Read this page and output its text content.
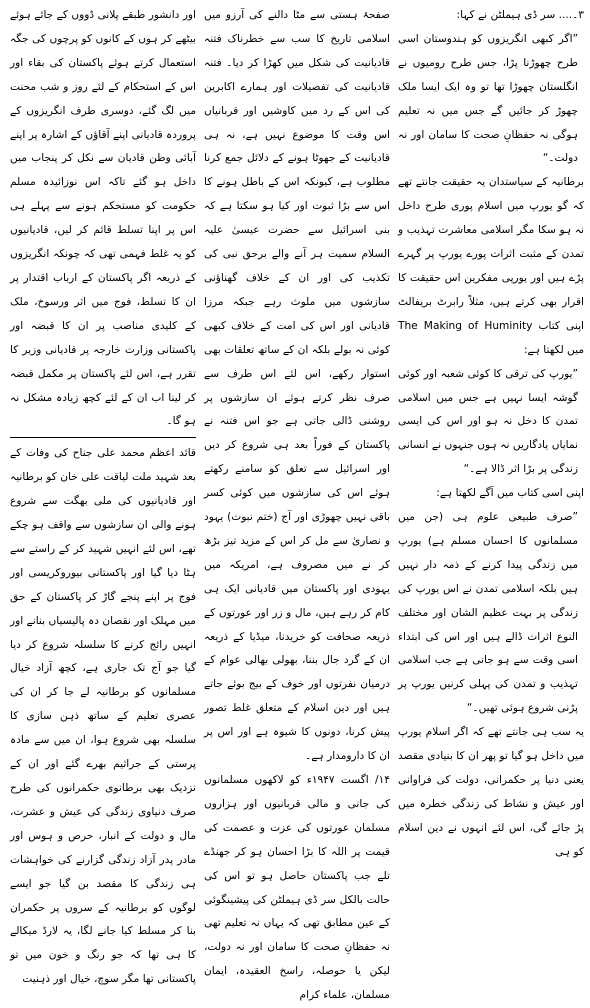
۳۔.... سر ڈی ہیملٹن نے کہا:

”اگر کبھی انگریزوں کو ہندوستان اسی طرح چھوڑنا پڑا، جس طرح رومیوں نے انگلستان چھوڑا تھا تو وہ ایک ایسا ملک چھوڑ کر جائیں گے جس میں نہ تعلیم ہوگی نہ حفظانِ صحت کا سامان اور نہ دولت۔“

برطانیہ کے سیاستدان یہ حقیقت جانتے تھے کہ گو یورپ میں اسلام پوری طرح داخل نہ ہو سکا مگر اسلامی معاشرت تہذیب و تمدن کے مثبت اثرات پورے یورپ پر گہرے پڑے ہیں اور یورپی مفکرین اس حقیقت کا اقرار بھی کرتے ہیں، مثلاً رابرٹ بریفالٹ اپنی کتاب The Making of Huminity میں لکھتا ہے:

”یورپ کی ترقی کا کوئی شعبہ اور کوئی گوشہ ایسا نہیں ہے جس میں اسلامی تمدن کا دخل نہ ہو اور اس کی ایسی نمایاں یادگاریں نہ ہوں جنہوں نے انسانی زندگی پر بڑا اثر ڈالا ہے۔“

اپنی اسی کتاب میں آگے لکھتا ہے:

”صرف طبیعی علوم ہی (جن میں مسلمانوں کا احسان مسلم ہے) یورپ میں زندگی پیدا کرنے کے ذمہ دار نہیں ہیں بلکہ اسلامی تمدن نے اس یورپ کی زندگی پر بہت عظیم الشان اور مختلف النوع اثرات ڈالے ہیں اور اس کی ابتداء اسی وقت سے ہو جاتی ہے جب اسلامی تہذیب و تمدن کی پہلی کرنیں یورپ پر پڑنی شروع ہوئی تھیں۔“

یہ سب ہی جانتے تھے کہ اگر اسلام یورپ میں داخل ہو گیا تو پھر ان کا بنیادی مقصد یعنی دنیا پر حکمرانی، دولت کی فراوانی اور عیش و نشاط کی زندگی خطرہ میں پڑ جائے گی، اس لئے انہوں نے دین اسلام کو ہی

صفحۂ ہستی سے مٹا دالنے کی آرزو میں اسلامی تاریخ کا سب سے خطرناک فتنہ قادیانیت کی شکل میں کھڑا کر دیا۔ فتنہ قادیانیت کی تفصیلات اور ہمارے اکابرین کی اس کے رد میں کاوشیں اور قربانیاں اس وقت کا موضوع نہیں ہے، نہ ہی قادیانیت کے جھوٹا ہونے کے دلائل جمع کرنا مطلوب ہے، کیونکہ اس کے باطل ہونے کا اس سے بڑا ثبوت اور کیا ہو سکتا ہے کہ بنی اسرائیل سے حضرت عیسیٰ علیہ السلام سمیت ہر آنے والے برحق نبی کی تکذیب کی اور ان کے خلاف گھناؤنی سازشوں میں ملوث رہے جبکہ مرزا قادیانی اور اس کی امت کے خلاف کبھی کوئی نہ بولے بلکہ ان کے ساتھ تعلقات بھی استوار رکھے، اس لئے اس طرف سے صرف نظر کرتے ہوئے ان سازشوں پر روشنی ڈالی جاتی ہے جو اس فتنہ نے پاکستان کے فوراً بعد ہی شروع کر دیں اور اسرائیل سے تعلق کو سامنے رکھتے ہوئے اس کی سازشوں میں کوئی کسر باقی نہیں چھوڑی اور آج (ختم نبوت) یہود و نصاریٰ سے مل کر اس کے مزید تیز بڑھ کر نے میں مصروف ہے، امریکہ میں یہودی اور پاکستان میں قادیانی ایک ہی کام کر رہے ہیں، مال و زر اور عورتوں کے ذریعہ صحافت کو خریدنا، میڈیا کے ذریعہ ان کے گرد جال بننا، بھولی بھالی عوام کے درمیان نفرتوں اور خوف کے بیج بوئے جاتے ہیں اور دین اسلام کے متعلق غلط تصور پیش کرنا، دونوں کا شیوہ ہے اور اس پر ان کا دارومدار ہے۔

۱۴/ اگست ۱۹۴۷ء کو لاکھوں مسلمانوں کی جانی و مالی قربانیوں اور ہزاروں مسلمان عورتوں کی عزت و عصمت کی قیمت پر اللہ کا بڑا احسان ہو کر جھنڈے تلے جب پاکستان حاصل ہو تو اس کی حالت بالکل سر ڈی ہیملٹن کی پیشینگوئی کے عین مطابق تھی کہ یہاں نہ تعلیم تھی نہ حفظانِ صحت کا سامان اور نہ دولت، لیکن یا حوصلہ، راسخ العقیدہ، ایمان مسلمان، علماء کرام

اور دانشور طبقے پلانی ڈووں کے جائے ہوئے بیٹھے کر ہوں کے کانوں کو پرچوں کی جگہ استعمال کرتے ہوئے پاکستان کی بقاء اور اس کے استحکام کے لئے روز و شب محنت میں لگ گئے، دوسری طرف انگریزوں کے پروردہ قادیانی اپنے آقاؤں کے اشارہ پر اپنے آبائی وطن قادیان سے نکل کر پنجاب میں داخل ہو گئے تاکہ اس نوزائیدہ مسلم حکومت کو مستحکم ہونے سے پہلے ہی اس پر اپنا تسلط قائم کر لیں، قادیانیوں کو یہ غلط فہمی تھی کہ چونکہ انگریزوں کے ذریعہ اگر پاکستان کے ارباب اقتدار پر ان کا تسلط، فوج میں اثر ورسوخ، ملک کے کلیدی مناصب پر ان کا قبضہ اور پاکستانی وزارت خارجہ پر قادیانی وزیر کا تقرر ہے، اس لئے پاکستان پر مکمل قبضہ کر لینا اب ان کے لئے کچھ زیادہ مشکل نہ ہو گا۔

قائد اعظم محمد علی جناح کی وفات کے بعد شہید ملت لیاقت علی خان کو برطانیہ اور قادیانیوں کی ملی بھگت سے شروع ہونے والی ان سازشوں سے واقف ہو چکے تھے، اس لئے انہیں شہید کر کے راستے سے ہٹا دیا گیا اور پاکستانی بیوروکریسی اور فوج پر اپنے پنجے گاڑ کر پاکستان کے حق میں مہلک اور نقصان دہ پالیسیاں بنانے اور انہیں رائج کرنے کا سلسلہ شروع کر دیا گیا جو آج تک جاری ہے، کچھ آزاد خیال مسلمانوں کو برطانیہ لے جا کر ان کی عصری تعلیم کے ساتھ ذہن سازی کا سلسلہ بھی شروع ہوا، ان میں سے مادہ پرستی کے جراثیم بھرے گئے اور ان کے نزدیک بھی برطانوی حکمرانوں کی طرح صرف دنیاوی زندگی کی عیش و عشرت، مال و دولت کے انبار، حرص و ہوس اور مادر پدر آزاد زندگی گزارنے کی خواہشات ہی زندگی کا مقصد بن گیا جو ایسے لوگوں کو برطانیہ کے سروں پر حکمران بنا کر مسلط کیا جانے لگا، یہ لارڈ میکالے کا ہی تھا کہ جو رنگ و خون میں تو پاکستانی تھا مگر سوچ، خیال اور ذہنیت
